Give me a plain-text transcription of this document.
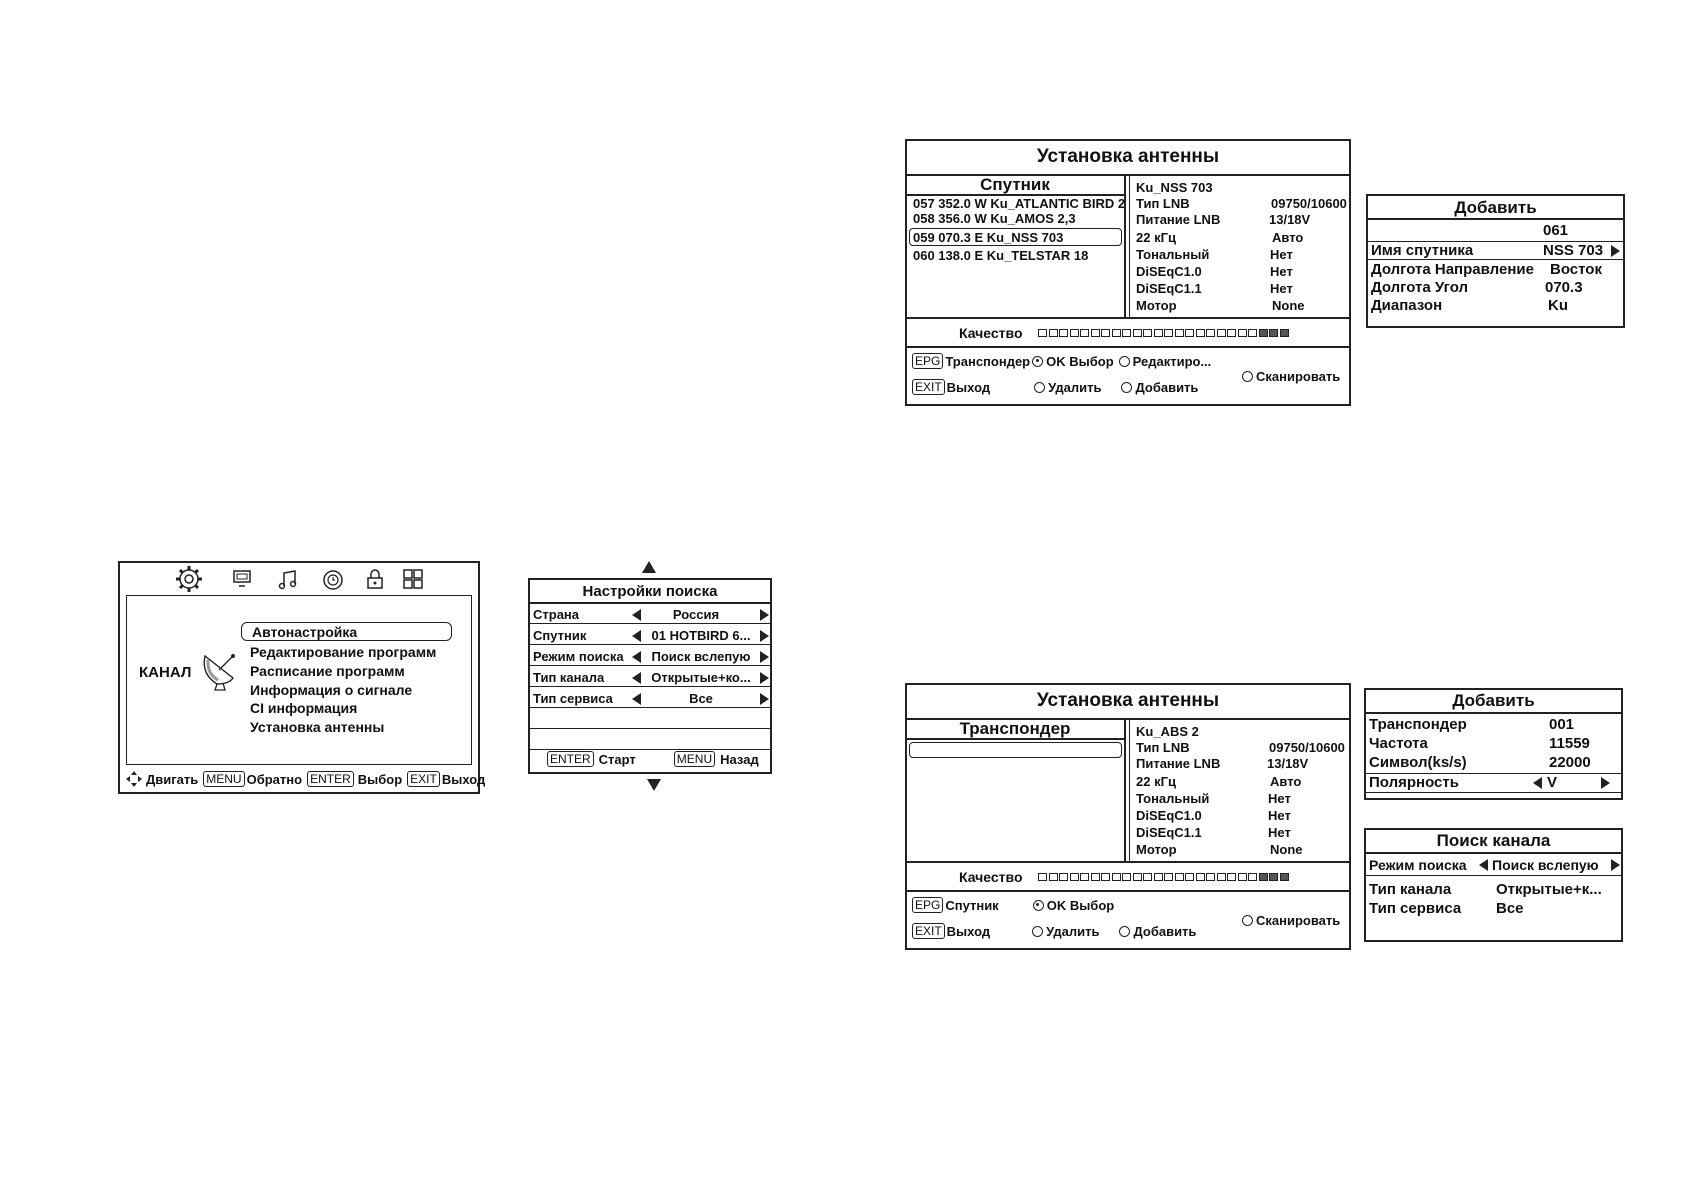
КАНАЛ
Автонастройка
Редактирование программ
Расписание программ
Информация о сигнале
CI информация
Установка антенны
Двигать MENU Обратно ENTER Выбор EXIT Выход
Настройки поиска
Страна	Россия
Спутник	01 HOTBIRD 6...
Режим поиска	Поиск вслепую
Тип канала	Открытые+ко...
Тип сервиса	Все
ENTER Старт	MENU Назад
Установка антенны
Спутник
057 352.0 W Ku_ATLANTIC BIRD 2
058 356.0 W Ku_AMOS 2,3
059 070.3 E Ku_NSS 703
060 138.0 E Ku_TELSTAR 18
Ku_NSS 703
Тип LNB	09750/10600
Питание LNB	13/18V
22 кГц	Авто
Тональный	Нет
DiSEqC1.0	Нет
DiSEqC1.1	Нет
Мотор	None
Качество
EPG Транспондер OK Выбор Редактиро...
Сканировать
EXIT Выход	Удалить	Добавить
Добавить
061
Имя спутника	NSS 703
Долгота Направление Восток
Долгота Угол	070.3
Диапазон	Ku
Установка антенны
Транспондер	Ku_ABS 2
Тип LNB	09750/10600
Питание LNB	13/18V
22 кГц	Авто
Тональный	Нет
DiSEqC1.0	Нет
DiSEqC1.1	Нет
Мотор	None
Качество
EPG Спутник	OK Выбор
Сканировать
EXIT Выход	Удалить	Добавить
Добавить
Транспондер	001
Частота	11559
Символ(ks/s)	22000
Полярность	V
Поиск канала
Режим поиска Поиск вслепую
Тип канала	Открытые+к...
Тип сервиса Все
